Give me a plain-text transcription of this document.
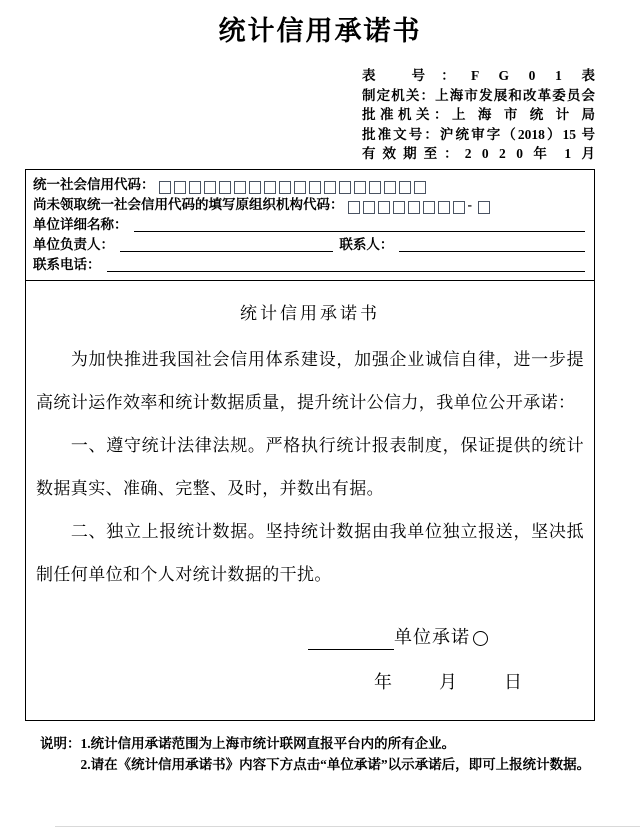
统计信用承诺书
表 号：F G 0 1 表
制定机关：上海市发展和改革委员会
批准机关：上 海 市 统 计 局
批准文号：沪统审字（2018）15 号
有效期至：2 0 2 0 年 1 月
统一社会信用代码：
尚未领取统一社会信用代码的填写原组织机构代码：	-
单位详细名称：
单位负责人：	联系人：
联系电话：
统计信用承诺书

为加快推进我国社会信用体系建设，加强企业诚信自律，进一步提高统计运作效率和统计数据质量，提升统计公信力，我单位公开承诺：

一、遵守统计法律法规。严格执行统计报表制度，保证提供的统计数据真实、准确、完整、及时，并数出有据。

二、独立上报统计数据。坚持统计数据由我单位独立报送，坚决抵制任何单位和个人对统计数据的干扰。

单位承诺
年	月	日
说明：1.统计信用承诺范围为上海市统计联网直报平台内的所有企业。

2.请在《统计信用承诺书》内容下方点击“单位承诺”以示承诺后，即可上报统计数据。
